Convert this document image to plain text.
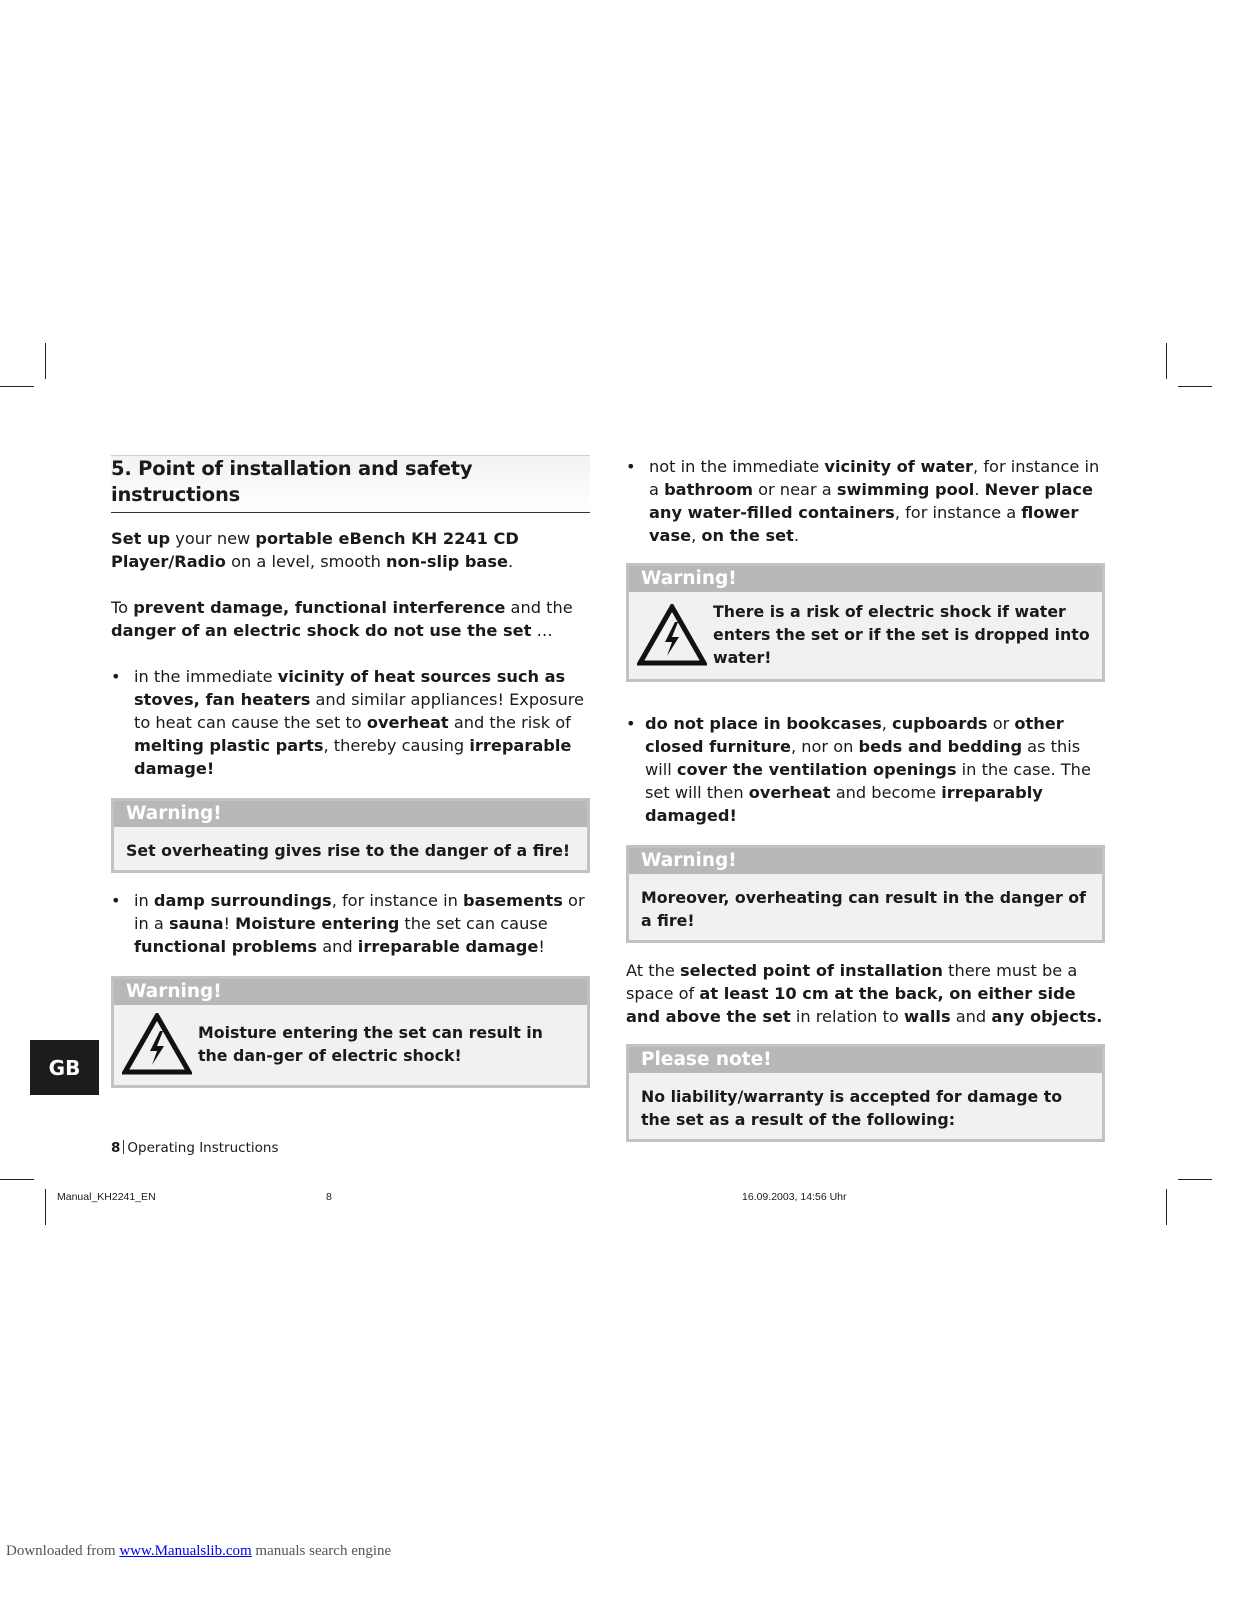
5. Point of installation and safety instructions

Set up your new portable eBench KH 2241 CD Player/Radio on a level, smooth non-slip base.

To prevent damage, functional interference and the danger of an electric shock do not use the set …

• in the immediate vicinity of heat sources such as stoves, fan heaters and similar appliances! Exposure to heat can cause the set to overheat and the risk of melting plastic parts, thereby causing irreparable damage!
Warning!
Set overheating gives rise to the danger of a fire!
• in damp surroundings, for instance in basements or in a sauna! Moisture entering the set can cause functional problems and irreparable damage!
Warning!
Moisture entering the set can result in the dan-ger of electric shock!
• not in the immediate vicinity of water, for instance in a bathroom or near a swimming pool. Never place any water-filled containers, for instance a flower vase, on the set.
Warning!
There is a risk of electric shock if water enters the set or if the set is dropped into water!
• do not place in bookcases, cupboards or other closed furniture, nor on beds and bedding as this will cover the ventilation openings in the case. The set will then overheat and become irreparably damaged!
Warning!
Moreover, overheating can result in the danger of a fire!

At the selected point of installation there must be a space of at least 10 cm at the back, on either side and above the set in relation to walls and any objects.

Please note!
No liability/warranty is accepted for damage to the set as a result of the following:
GB
8 Operating Instructions
Manual_KH2241_EN	8	16.09.2003, 14:56 Uhr
Downloaded from www.Manualslib.com manuals search engine
